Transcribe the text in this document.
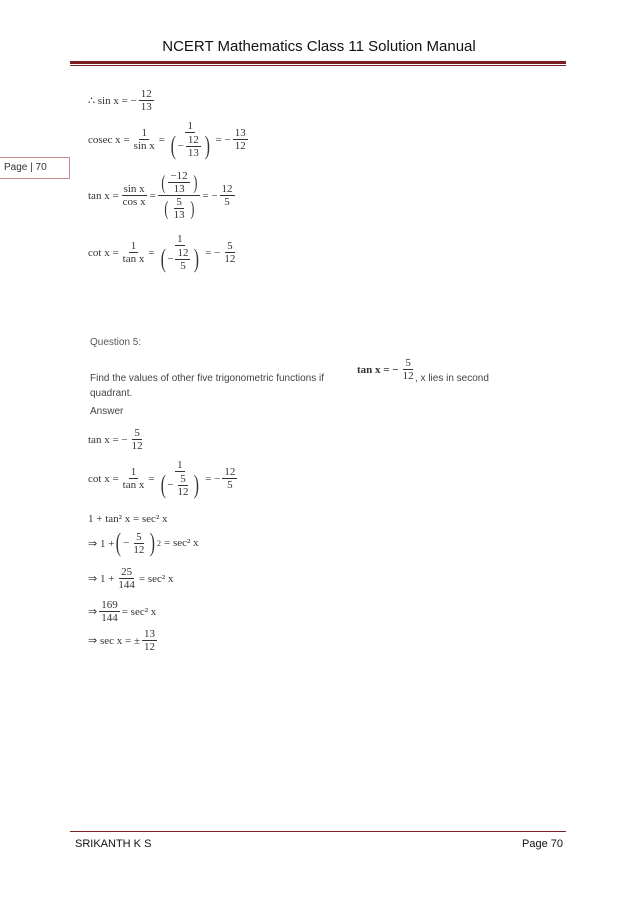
NCERT Mathematics Class 11 Solution Manual
Page | 70
∴ sin x = − $\frac{12}{13}$
cosec $x = \frac{1}{\text{sin x}} = \frac{1}{( - \frac{12}{13} )}$ = − $\frac{13}{12}$
$\tan x = \frac{\text{sin x}}{\text{cos x}} = \frac{( \frac{-12}{13} )}{( \frac{5}{13} )}$ = − $\frac{12}{5}$
$\cot x = \frac{1}{\text{tan x}} = \frac{1}{( - \frac{12}{5} )}$ = − $\frac{5}{12}$
Question 5:
Find the values of other five trigonometric functions if
tan x = − $\frac{5}{12}$ , x lies in second
quadrant.
Answer
tan x = − $\frac{5}{12}$
$\cot x = \frac{1}{\text{tan x}} = \frac{1}{( - \frac{5}{12} )}$ = − $\frac{12}{5}$
1 + tan² x = sec² x
⇒ 1 + ( − $\frac{5}{12}$ ) 2 = sec² x
⇒ $1 + \frac{25}{144} = \sec^2$ x
⇒ $\frac{169}{144} = \sec^2$ x
⇒ sec x = ± $\frac{13}{12}$
SRIKANTH K S	Page 70
